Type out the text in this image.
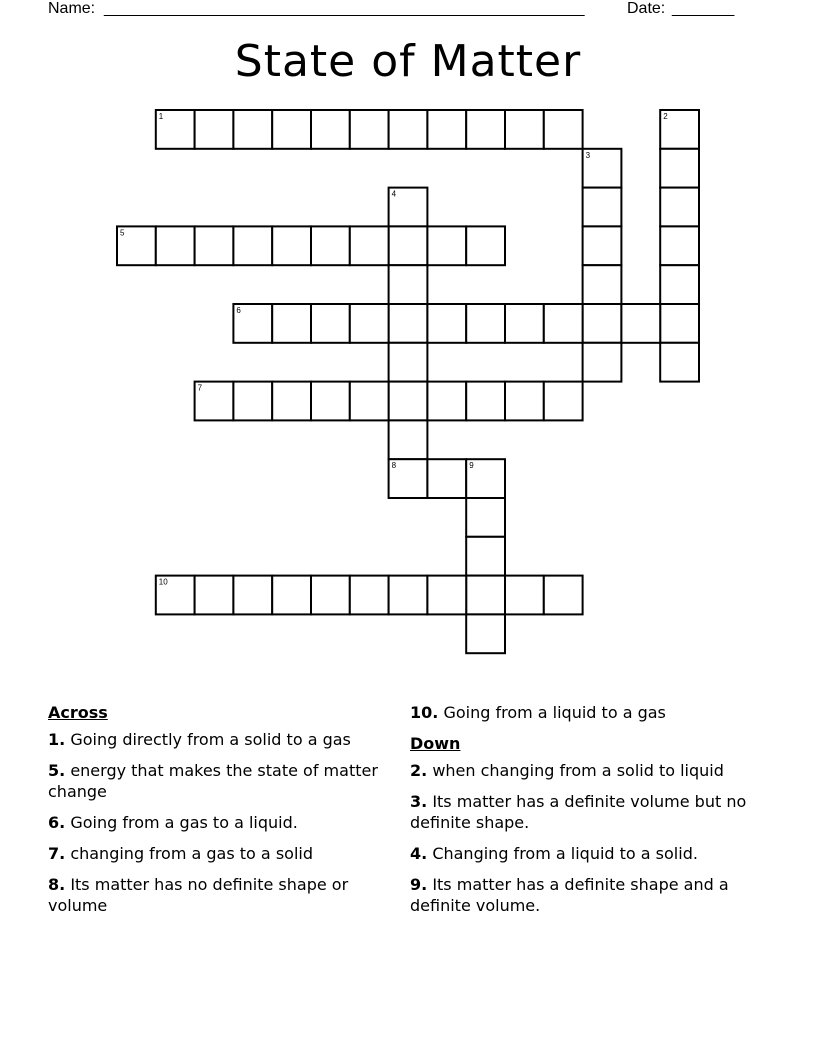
Name: ______________________________________________________	Date: _______
State of Matter
1	2
3
4
5
6
7
8	9
10
Across
1. Going directly from a solid to a gas
5. energy that makes the state of matter change
6. Going from a gas to a liquid.
7. changing from a gas to a solid
8. Its matter has no definite shape or volume
10. Going from a liquid to a gas
Down
2. when changing from a solid to liquid
3. Its matter has a definite volume but no definite shape.
4. Changing from a liquid to a solid.
9. Its matter has a definite shape and a definite volume.
